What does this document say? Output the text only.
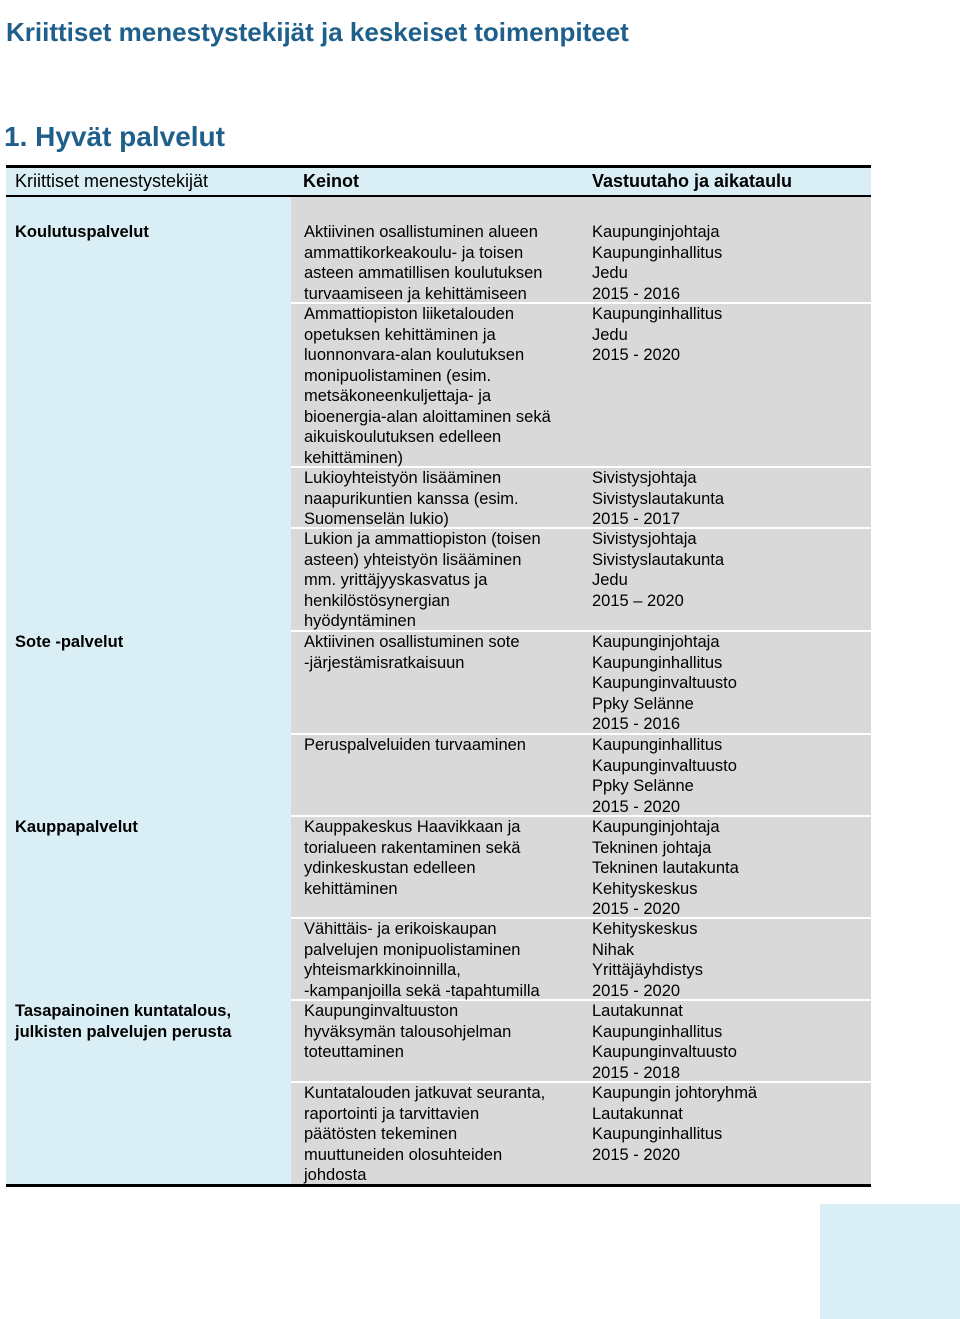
Kriittiset menestystekijät ja keskeiset toimenpiteet
1. Hyvät palvelut
Kriittiset menestystekijät	Keinot	Vastuutaho ja aikataulu

Koulutuspalvelut

Sote -palvelut

Kauppapalvelut

Tasapainoinen kuntatalous,
julkisten palvelujen perusta

Aktiivinen osallistuminen alueen
ammattikorkeakoulu- ja toisen
asteen ammatillisen koulutuksen
turvaamiseen ja kehittämiseen

Ammattiopiston liiketalouden
opetuksen kehittäminen ja
luonnonvara-alan koulutuksen
monipuolistaminen (esim.
metsäkoneenkuljettaja- ja
bioenergia-alan aloittaminen sekä
aikuiskoulutuksen edelleen
kehittäminen)

Lukioyhteistyön lisääminen
naapurikuntien kanssa (esim.
Suomenselän lukio)

Lukion ja ammattiopiston (toisen
asteen) yhteistyön lisääminen
mm. yrittäjyyskasvatus ja
henkilöstösynergian
hyödyntäminen

Aktiivinen osallistuminen sote
-järjestämisratkaisuun

Peruspalveluiden turvaaminen

Kauppakeskus Haavikkaan ja
torialueen rakentaminen sekä
ydinkeskustan edelleen
kehittäminen

Vähittäis- ja erikoiskaupan
palvelujen monipuolistaminen
yhteismarkkinoinnilla,
-kampanjoilla sekä -tapahtumilla

Kaupunginvaltuuston
hyväksymän talousohjelman
toteuttaminen

Kuntatalouden jatkuvat seuranta,
raportointi ja tarvittavien
päätösten tekeminen
muuttuneiden olosuhteiden
johdosta

Kaupunginjohtaja
Kaupunginhallitus
Jedu
2015 - 2016

Kaupunginhallitus
Jedu
2015 - 2020

Sivistysjohtaja
Sivistyslautakunta
2015 - 2017

Sivistysjohtaja
Sivistyslautakunta
Jedu
2015 – 2020

Kaupunginjohtaja
Kaupunginhallitus
Kaupunginvaltuusto
Ppky Selänne
2015 - 2016

Kaupunginhallitus
Kaupunginvaltuusto
Ppky Selänne
2015 - 2020

Kaupunginjohtaja
Tekninen johtaja
Tekninen lautakunta
Kehityskeskus
2015 - 2020

Kehityskeskus
Nihak
Yrittäjäyhdistys
2015 - 2020

Lautakunnat
Kaupunginhallitus
Kaupunginvaltuusto
2015 - 2018

Kaupungin johtoryhmä
Lautakunnat
Kaupunginhallitus
2015 - 2020
